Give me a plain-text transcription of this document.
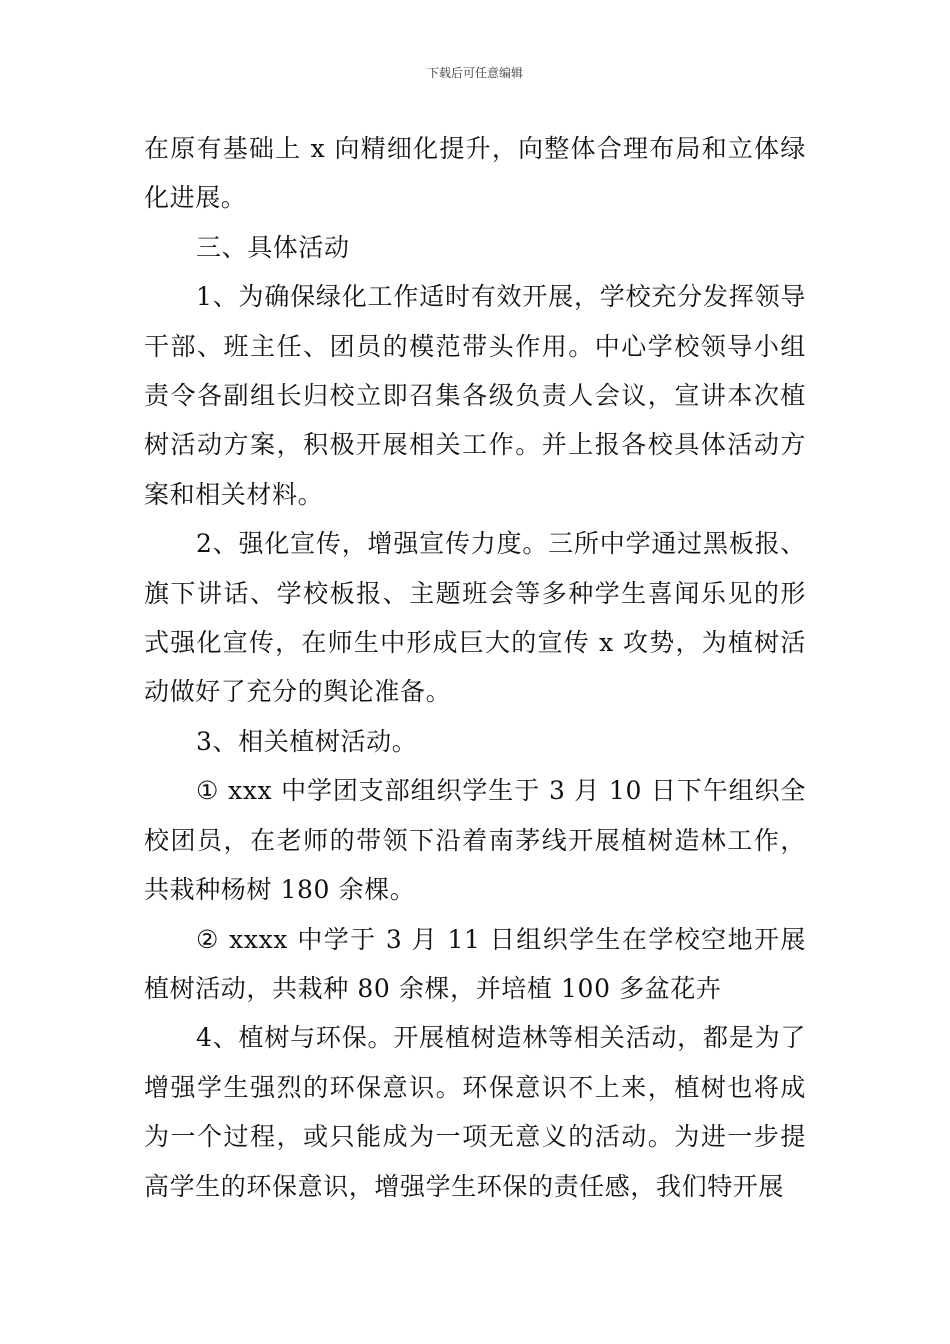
下载后可任意编辑

在原有基础上 x 向精细化提升，向整体合理布局和立体绿化进展。

三、具体活动

1、为确保绿化工作适时有效开展，学校充分发挥领导干部、班主任、团员的模范带头作用。中心学校领导小组责令各副组长归校立即召集各级负责人会议，宣讲本次植树活动方案，积极开展相关工作。并上报各校具体活动方案和相关材料。

2、强化宣传，增强宣传力度。三所中学通过黑板报、旗下讲话、学校板报、主题班会等多种学生喜闻乐见的形式强化宣传，在师生中形成巨大的宣传 x 攻势，为植树活动做好了充分的舆论准备。

3、相关植树活动。

① xxx 中学团支部组织学生于 3 月 10 日下午组织全校团员，在老师的带领下沿着南茅线开展植树造林工作，共栽种杨树 180 余棵。

② xxxx 中学于 3 月 11 日组织学生在学校空地开展植树活动，共栽种 80 余棵，并培植 100 多盆花卉

4、植树与环保。开展植树造林等相关活动，都是为了增强学生强烈的环保意识。环保意识不上来，植树也将成为一个过程，或只能成为一项无意义的活动。为进一步提高学生的环保意识，增强学生环保的责任感，我们特开展
